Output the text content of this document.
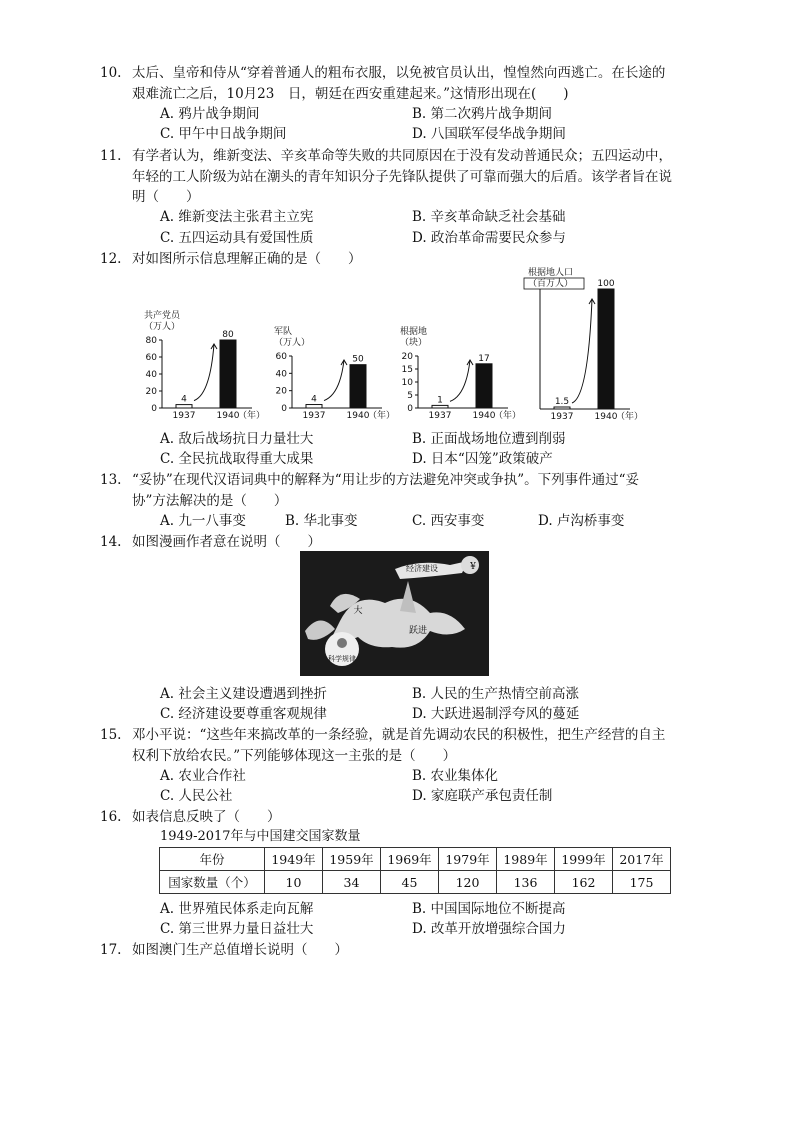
10. 太后、皇帝和侍从“穿着普通人的粗布衣服，以免被官员认出，惶惶然向西逃亡。在长途的艰难流亡之后，10月23　日，朝廷在西安重建起来。”这情形出现在(　　)
A. 鸦片战争期间	B. 第二次鸦片战争期间
C. 甲午中日战争期间	D. 八国联军侵华战争期间
11. 有学者认为，维新变法、辛亥革命等失败的共同原因在于没有发动普通民众；五四运动中，年轻的工人阶级为站在潮头的青年知识分子先锋队提供了可靠而强大的后盾。该学者旨在说明（　　）
A. 维新变法主张君主立宪	B. 辛亥革命缺乏社会基础
C. 五四运动具有爱国性质	D. 政治革命需要民众参与
12. 对如图所示信息理解正确的是（　　）
共产党员
（万人）
0
20
40
60
80
4
1937
80
1940
（年）
军队
（万人）
0
20
40
60
4
1937
50
1940
（年）
根据地
（块）
0
5
10
15
20
1
1937
17
1940
（年）
根据地人口
（百万人）
1.5
1937
100
1940
（年）
A. 敌后战场抗日力量壮大	B. 正面战场地位遭到削弱
C. 全民抗战取得重大成果	D. 日本“囚笼”政策破产
13. “妥协”在现代汉语词典中的解释为“用让步的方法避免冲突或争执”。下列事件通过“妥协”方法解决的是（　　）
A. 九一八事变	B. 华北事变	C. 西安事变	D. 卢沟桥事变
14. 如图漫画作者意在说明（　　）
¥
经济建设
大
跃进
科学规律
A. 社会主义建设遭遇到挫折	B. 人民的生产热情空前高涨
C. 经济建设要尊重客观规律	D. 大跃进遏制浮夸风的蔓延
15. 邓小平说：“这些年来搞改革的一条经验，就是首先调动农民的积极性，把生产经营的自主权利下放给农民。”下列能够体现这一主张的是（　　）
A. 农业合作社	B. 农业集体化
C. 人民公社	D. 家庭联产承包责任制
16. 如表信息反映了（　　）
1949-2017年与中国建交国家数量
年份	1949年	1959年	1969年	1979年	1989年	1999年	2017年
国家数量（个）	10	34	45	120	136	162	175
A. 世界殖民体系走向瓦解	B. 中国国际地位不断提高
C. 第三世界力量日益壮大	D. 改革开放增强综合国力
17. 如图澳门生产总值增长说明（　　）
